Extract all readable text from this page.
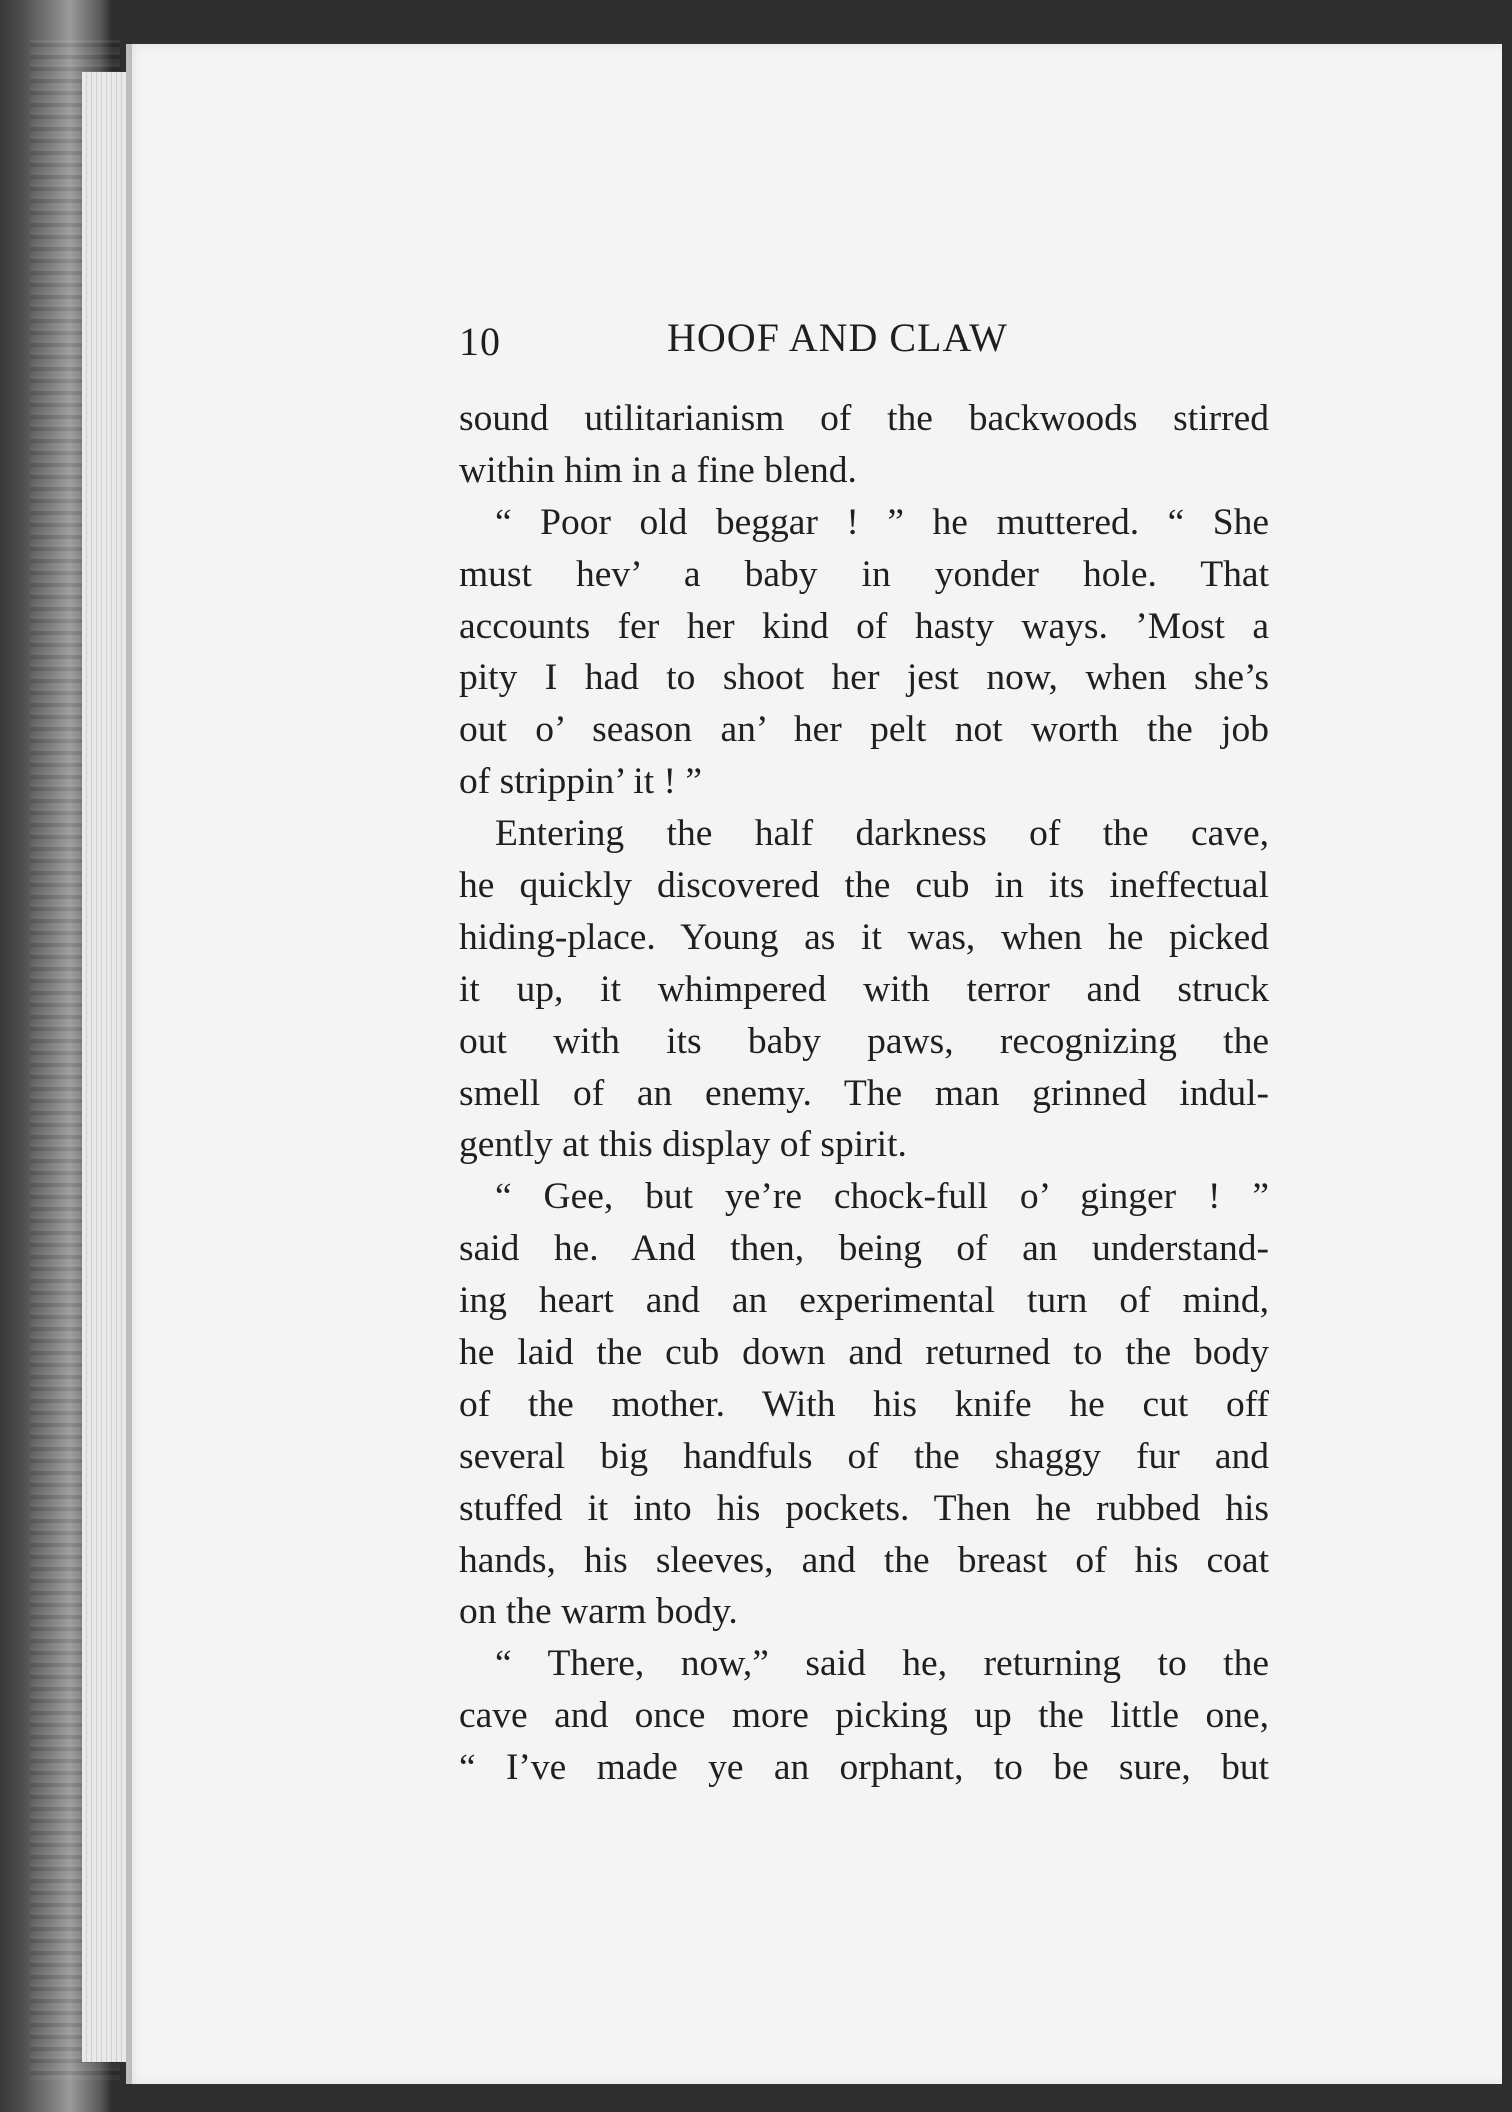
10	HOOF AND CLAW
sound utilitarianism of the backwoods stirred
within him in a fine blend.
“ Poor old beggar ! ” he muttered. “ She
must hev’ a baby in yonder hole. That
accounts fer her kind of hasty ways. ’Most a
pity I had to shoot her jest now, when she’s
out o’ season an’ her pelt not worth the job
of strippin’ it ! ”
Entering the half darkness of the cave,
he quickly discovered the cub in its ineffectual
hiding-place. Young as it was, when he picked
it up, it whimpered with terror and struck
out with its baby paws, recognizing the
smell of an enemy. The man grinned indul-
gently at this display of spirit.
“ Gee, but ye’re chock-full o’ ginger ! ”
said he. And then, being of an understand-
ing heart and an experimental turn of mind,
he laid the cub down and returned to the body
of the mother. With his knife he cut off
several big handfuls of the shaggy fur and
stuffed it into his pockets. Then he rubbed his
hands, his sleeves, and the breast of his coat
on the warm body.
“ There, now,” said he, returning to the
cave and once more picking up the little one,
“ I’ve made ye an orphant, to be sure, but
